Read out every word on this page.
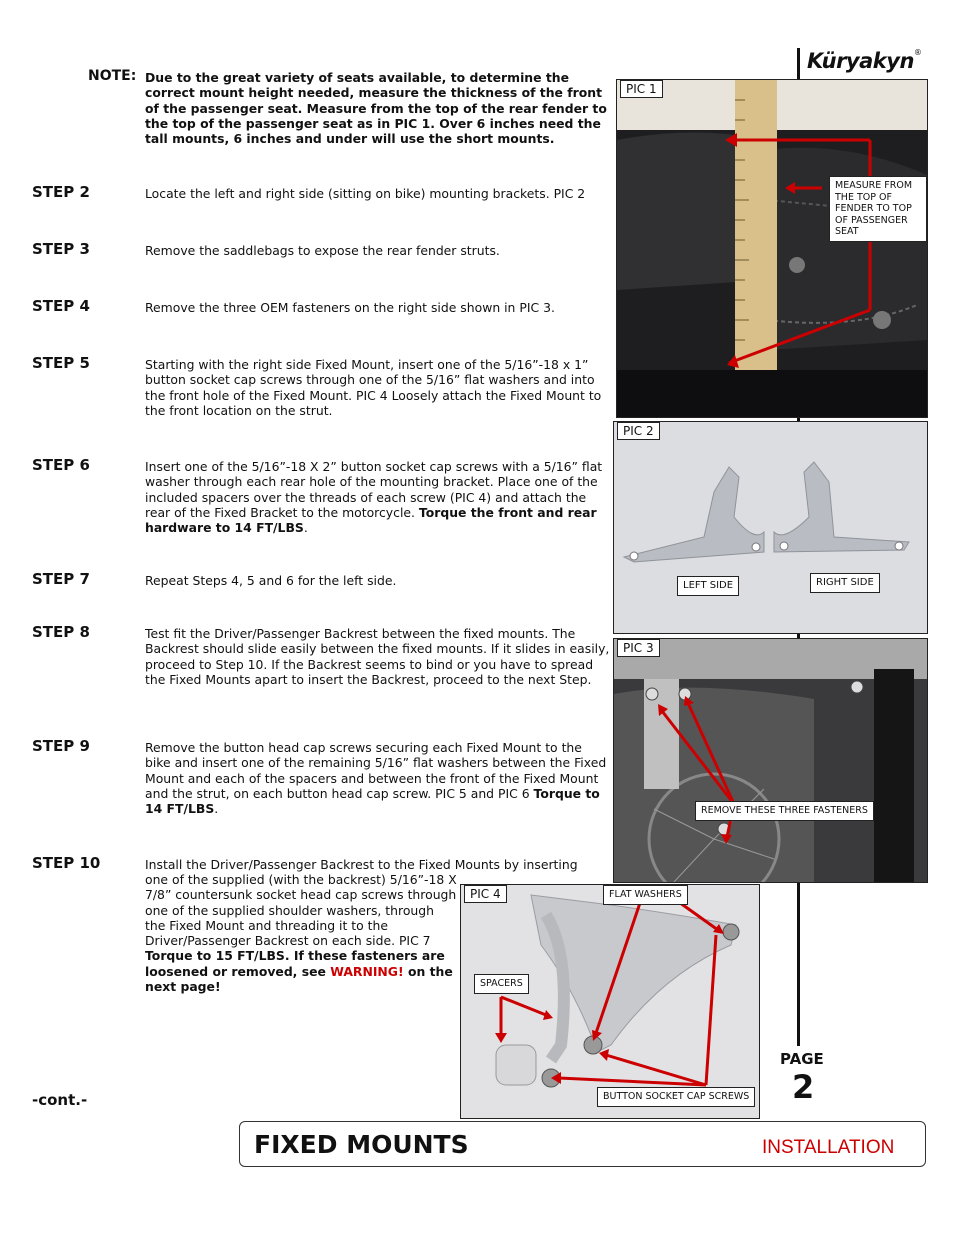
Küryakyn®
NOTE: Due to the great variety of seats available, to determine the correct mount height needed, measure the thickness of the front of the passenger seat. Measure from the top of the rear fender to the top of the passenger seat as in PIC 1. Over 6 inches need the tall mounts, 6 inches and under will use the short mounts.
STEP 2	Locate the left and right side (sitting on bike) mounting brackets. PIC 2
STEP 3	Remove the saddlebags to expose the rear fender struts.
STEP 4	Remove the three OEM fasteners on the right side shown in PIC 3.
STEP 5	Starting with the right side Fixed Mount, insert one of the 5/16”-18 x 1” button socket cap screws through one of the 5/16” flat washers and into the front hole of the Fixed Mount. PIC 4 Loosely attach the Fixed Mount to the front location on the strut.
STEP 6	Insert one of the 5/16”-18 X 2” button socket cap screws with a 5/16” flat washer through each rear hole of the mounting bracket. Place one of the included spacers over the threads of each screw (PIC 4) and attach the rear of the Fixed Bracket to the motorcycle. Torque the front and rear hardware to 14 FT/LBS.
STEP 7	Repeat Steps 4, 5 and 6 for the left side.
STEP 8	Test fit the Driver/Passenger Backrest between the fixed mounts. The Backrest should slide easily between the fixed mounts. If it slides in easily, proceed to Step 10. If the Backrest seems to bind or you have to spread the Fixed Mounts apart to insert the Backrest, proceed to the next Step.
STEP 9	Remove the button head cap screws securing each Fixed Mount to the bike and insert one of the remaining 5/16” flat washers between the Fixed Mount and each of the spacers and between the front of the Fixed Mount and the strut, on each button head cap screw. PIC 5 and PIC 6 Torque to 14 FT/LBS.
STEP 10	Install the Driver/Passenger Backrest to the Fixed Mounts by inserting
one of the supplied (with the backrest) 5/16”-18 X 7/8” countersunk socket head cap screws through one of the supplied shoulder washers, through the Fixed Mount and threading it to the Driver/Passenger Backrest on each side. PIC 7 Torque to 15 FT/LBS. If these fasteners are loosened or removed, see WARNING! on the next page!
-cont.-
PAGE
2
FIXED MOUNTS	INSTALLATION
PIC 1
MEASURE FROM THE TOP OF FENDER TO TOP OF PASSENGER SEAT
PIC 2
LEFT SIDE	RIGHT SIDE
PIC 3
REMOVE THESE THREE FASTENERS
PIC 4	FLAT WASHERS
SPACERS
BUTTON SOCKET CAP SCREWS
